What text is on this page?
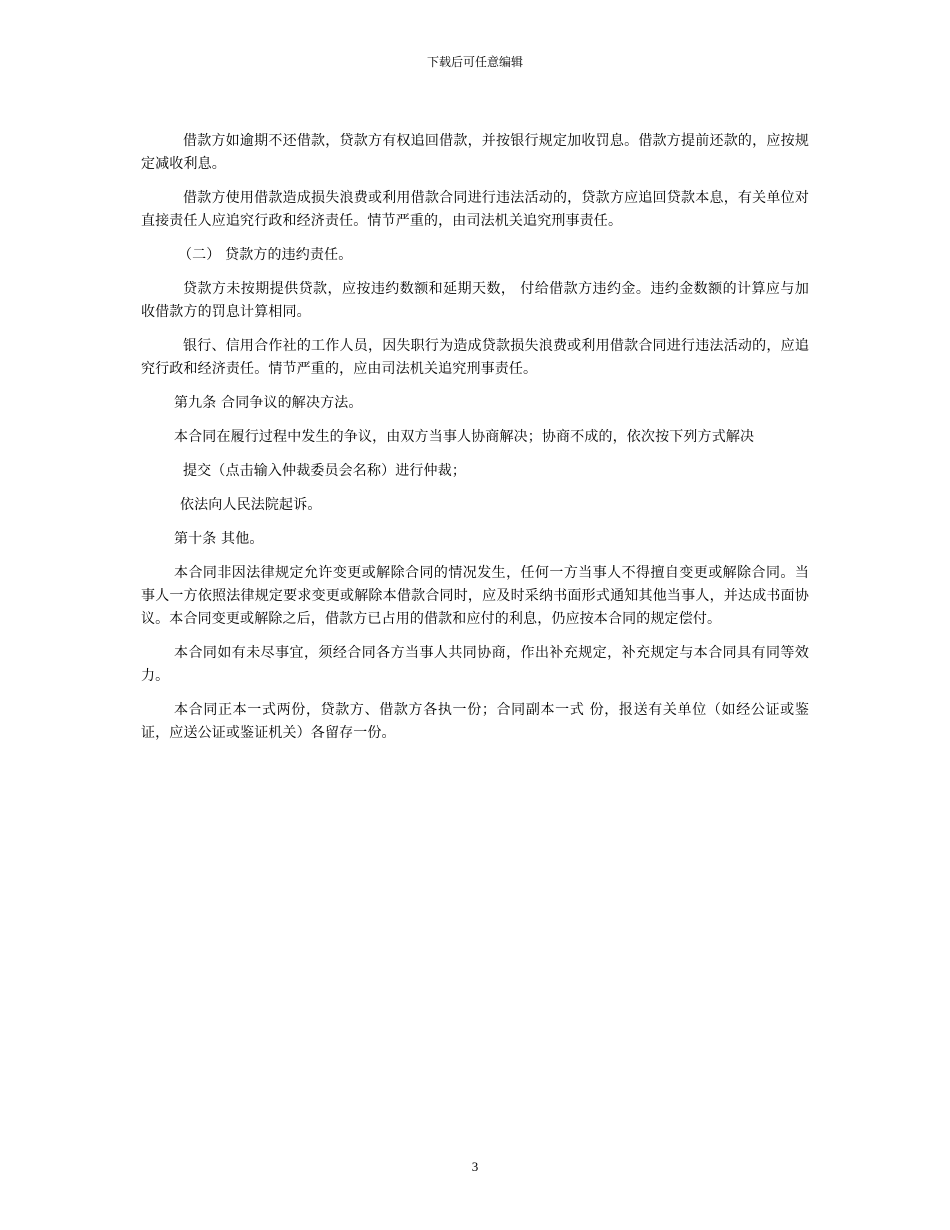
下载后可任意编辑

借款方如逾期不还借款，贷款方有权追回借款，并按银行规定加收罚息。借款方提前还款的，应按规定减收利息。

借款方使用借款造成损失浪费或利用借款合同进行违法活动的，贷款方应追回贷款本息，有关单位对直接责任人应追究行政和经济责任。情节严重的，由司法机关追究刑事责任。

（二） 贷款方的违约责任。

贷款方未按期提供贷款，应按违约数额和延期天数， 付给借款方违约金。违约金数额的计算应与加收借款方的罚息计算相同。

银行、信用合作社的工作人员，因失职行为造成贷款损失浪费或利用借款合同进行违法活动的，应追究行政和经济责任。情节严重的，应由司法机关追究刑事责任。

第九条 合同争议的解决方法。

本合同在履行过程中发生的争议，由双方当事人协商解决；协商不成的，依次按下列方式解决

提交（点击输入仲裁委员会名称）进行仲裁；

依法向人民法院起诉。

第十条 其他。

本合同非因法律规定允许变更或解除合同的情况发生，任何一方当事人不得擅自变更或解除合同。当事人一方依照法律规定要求变更或解除本借款合同时，应及时采纳书面形式通知其他当事人，并达成书面协议。本合同变更或解除之后，借款方已占用的借款和应付的利息，仍应按本合同的规定偿付。

本合同如有未尽事宜，须经合同各方当事人共同协商，作出补充规定，补充规定与本合同具有同等效力。

本合同正本一式两份，贷款方、借款方各执一份；合同副本一式 份，报送有关单位（如经公证或鉴证，应送公证或鉴证机关）各留存一份。

3
